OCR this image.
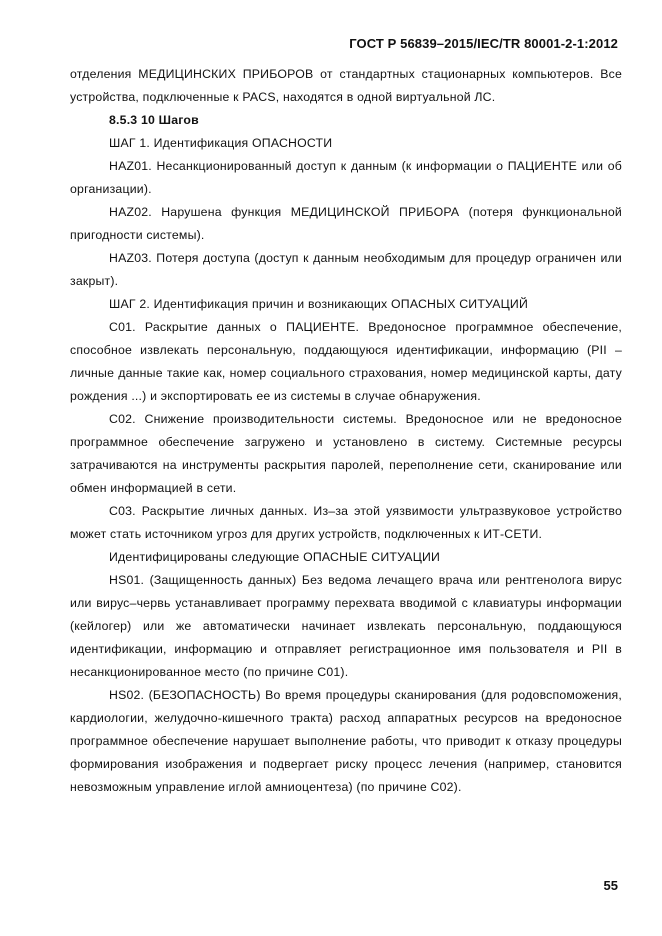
ГОСТ Р 56839–2015/IEC/TR 80001-2-1:2012

отделения МЕДИЦИНСКИХ ПРИБОРОВ от стандартных стационарных компьютеров. Все устройства, подключенные к PACS, находятся в одной виртуальной ЛС.

8.5.3 10 Шагов

ШАГ 1. Идентификация ОПАСНОСТИ

HAZ01. Несанкционированный доступ к данным (к информации о ПАЦИЕНТЕ или об организации).

HAZ02. Нарушена функция МЕДИЦИНСКОЙ ПРИБОРА (потеря функциональной пригодности системы).

HAZ03. Потеря доступа (доступ к данным необходимым для процедур ограничен или закрыт).

ШАГ 2. Идентификация причин и возникающих ОПАСНЫХ СИТУАЦИЙ

C01. Раскрытие данных о ПАЦИЕНТЕ. Вредоносное программное обеспечение, способное извлекать персональную, поддающуюся идентификации, информацию (PII – личные данные такие как, номер социального страхования, номер медицинской карты, дату рождения ...) и экспортировать ее из системы в случае обнаружения.

C02. Снижение производительности системы. Вредоносное или не вредоносное программное обеспечение загружено и установлено в систему. Системные ресурсы затрачиваются на инструменты раскрытия паролей, переполнение сети, сканирование или обмен информацией в сети.

C03. Раскрытие личных данных. Из–за этой уязвимости ультразвуковое устройство может стать источником угроз для других устройств, подключенных к ИТ-СЕТИ.

Идентифицированы следующие ОПАСНЫЕ СИТУАЦИИ

HS01. (Защищенность данных) Без ведома лечащего врача или рентгенолога вирус или вирус–червь устанавливает программу перехвата вводимой с клавиатуры информации (кейлогер) или же автоматически начинает извлекать персональную, поддающуюся идентификации, информацию и отправляет регистрационное имя пользователя и PII в несанкционированное место (по причине C01).

HS02. (БЕЗОПАСНОСТЬ) Во время процедуры сканирования (для родовспоможения, кардиологии, желудочно-кишечного тракта) расход аппаратных ресурсов на вредоносное программное обеспечение нарушает выполнение работы, что приводит к отказу процедуры формирования изображения и подвергает риску процесс лечения (например, становится невозможным управление иглой амниоцентеза) (по причине C02).

55
